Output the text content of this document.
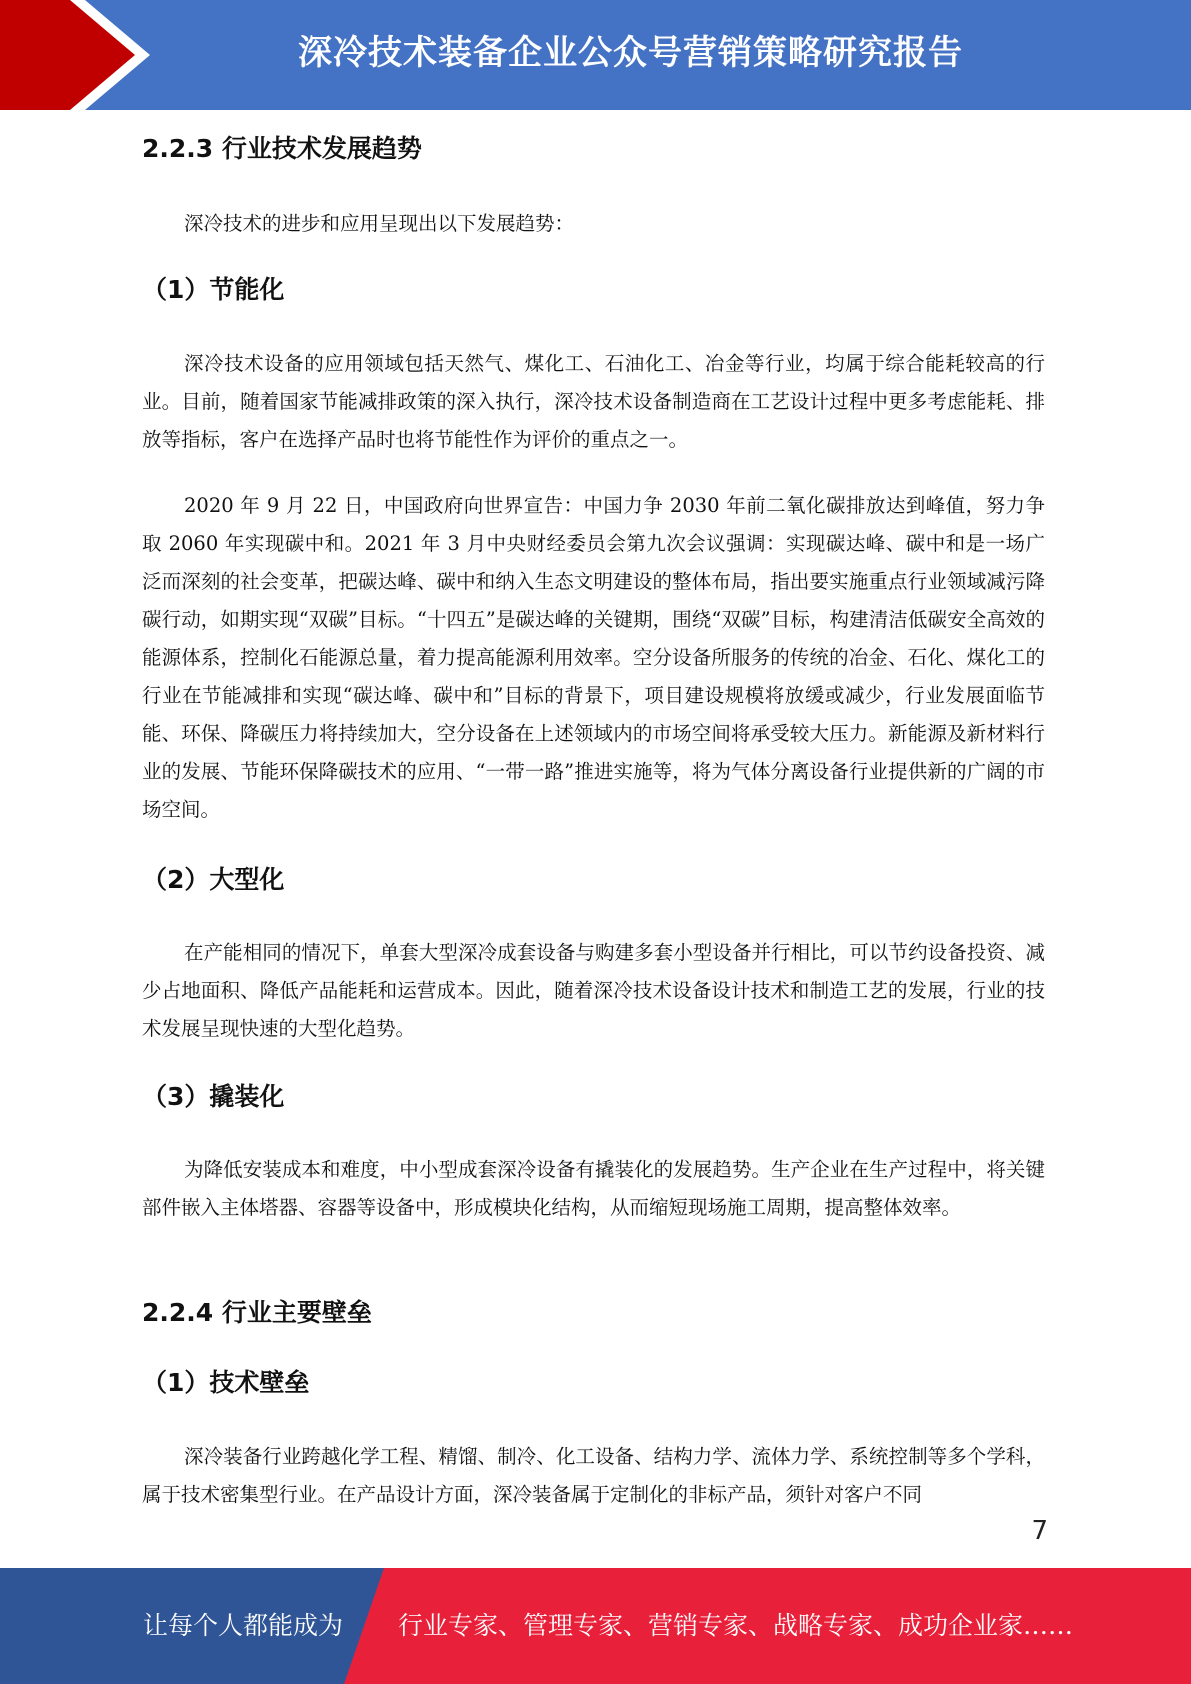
深冷技术装备企业公众号营销策略研究报告
2.2.3 行业技术发展趋势

深冷技术的进步和应用呈现出以下发展趋势：

（1）节能化

深冷技术设备的应用领域包括天然气、煤化工、石油化工、冶金等行业，均属于综合能耗较高的行业。目前，随着国家节能减排政策的深入执行，深冷技术设备制造商在工艺设计过程中更多考虑能耗、排放等指标，客户在选择产品时也将节能性作为评价的重点之一。

2020 年 9 月 22 日，中国政府向世界宣告：中国力争 2030 年前二氧化碳排放达到峰值，努力争取 2060 年实现碳中和。2021 年 3 月中央财经委员会第九次会议强调：实现碳达峰、碳中和是一场广泛而深刻的社会变革，把碳达峰、碳中和纳入生态文明建设的整体布局，指出要实施重点行业领域减污降碳行动，如期实现“双碳”目标。“十四五”是碳达峰的关键期，围绕“双碳”目标，构建清洁低碳安全高效的能源体系，控制化石能源总量，着力提高能源利用效率。空分设备所服务的传统的冶金、石化、煤化工的行业在节能减排和实现“碳达峰、碳中和”目标的背景下，项目建设规模将放缓或减少，行业发展面临节能、环保、降碳压力将持续加大，空分设备在上述领域内的市场空间将承受较大压力。新能源及新材料行业的发展、节能环保降碳技术的应用、“一带一路”推进实施等，将为气体分离设备行业提供新的广阔的市场空间。

（2）大型化

在产能相同的情况下，单套大型深冷成套设备与购建多套小型设备并行相比，可以节约设备投资、减少占地面积、降低产品能耗和运营成本。因此，随着深冷技术设备设计技术和制造工艺的发展，行业的技术发展呈现快速的大型化趋势。

（3）撬装化

为降低安装成本和难度，中小型成套深冷设备有撬装化的发展趋势。生产企业在生产过程中，将关键部件嵌入主体塔器、容器等设备中，形成模块化结构，从而缩短现场施工周期，提高整体效率。

2.2.4 行业主要壁垒
（1）技术壁垒

深冷装备行业跨越化学工程、精馏、制冷、化工设备、结构力学、流体力学、系统控制等多个学科，属于技术密集型行业。在产品设计方面，深冷装备属于定制化的非标产品，须针对客户不同

7
让每个人都能成为 行业专家、管理专家、营销专家、战略专家、成功企业家……
